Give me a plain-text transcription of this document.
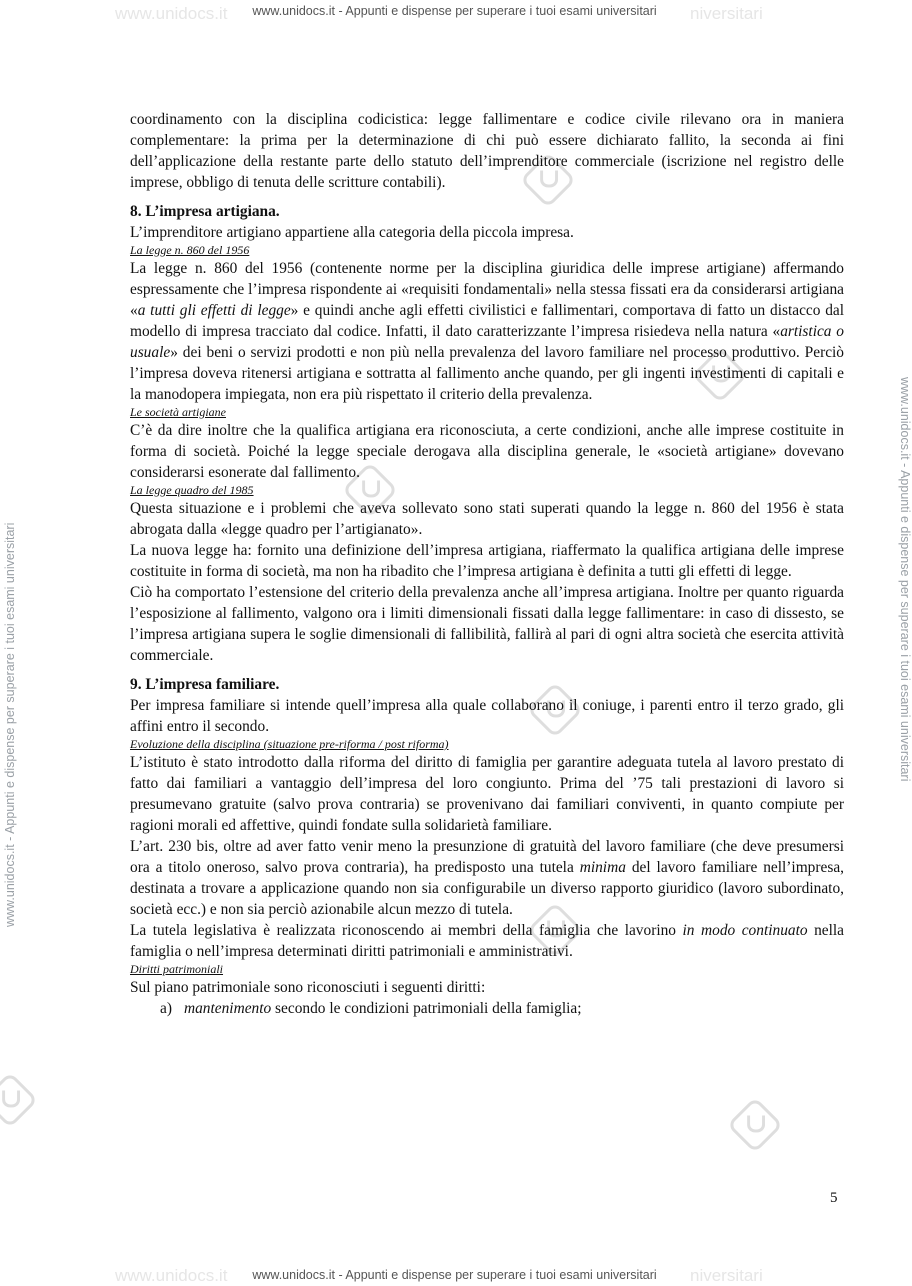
www.unidocs.it - Appunti e dispense per superare i tuoi esami universitari
www.unidocs.it - Appunti e dispense per superare i tuoi esami universitari
www.unidocs.it	niversitari
www.unidocs.it	niversitari
www.unidocs.it - Appunti e dispense per superare i tuoi esami universitari	www.unidocs.it - Appunti e dispense per superare i tuoi esami universitari

coordinamento con la disciplina codicistica: legge fallimentare e codice civile rilevano ora in maniera complementare: la prima per la determinazione di chi può essere dichiarato fallito, la seconda ai fini dell’applicazione della restante parte dello statuto dell’imprenditore commerciale (iscrizione nel registro delle imprese, obbligo di tenuta delle scritture contabili).

8. L’impresa artigiana.

L’imprenditore artigiano appartiene alla categoria della piccola impresa.

La legge n. 860 del 1956

La legge n. 860 del 1956 (contenente norme per la disciplina giuridica delle imprese artigiane) affermando espressamente che l’impresa rispondente ai «requisiti fondamentali» nella stessa fissati era da considerarsi artigiana «a tutti gli effetti di legge» e quindi anche agli effetti civilistici e fallimentari, comportava di fatto un distacco dal modello di impresa tracciato dal codice. Infatti, il dato caratterizzante l’impresa risiedeva nella natura «artistica o usuale» dei beni o servizi prodotti e non più nella prevalenza del lavoro familiare nel processo produttivo. Perciò l’impresa doveva ritenersi artigiana e sottratta al fallimento anche quando, per gli ingenti investimenti di capitali e la manodopera impiegata, non era più rispettato il criterio della prevalenza.

Le società artigiane

C’è da dire inoltre che la qualifica artigiana era riconosciuta, a certe condizioni, anche alle imprese costituite in forma di società. Poiché la legge speciale derogava alla disciplina generale, le «società artigiane» dovevano considerarsi esonerate dal fallimento.

La legge quadro del 1985

Questa situazione e i problemi che aveva sollevato sono stati superati quando la legge n. 860 del 1956 è stata abrogata dalla «legge quadro per l’artigianato».

La nuova legge ha: fornito una definizione dell’impresa artigiana, riaffermato la qualifica artigiana delle imprese costituite in forma di società, ma non ha ribadito che l’impresa artigiana è definita a tutti gli effetti di legge.

Ciò ha comportato l’estensione del criterio della prevalenza anche all’impresa artigiana. Inoltre per quanto riguarda l’esposizione al fallimento, valgono ora i limiti dimensionali fissati dalla legge fallimentare: in caso di dissesto, se l’impresa artigiana supera le soglie dimensionali di fallibilità, fallirà al pari di ogni altra società che esercita attività commerciale.

9. L’impresa familiare.

Per impresa familiare si intende quell’impresa alla quale collaborano il coniuge, i parenti entro il terzo grado, gli affini entro il secondo.

Evoluzione della disciplina (situazione pre-riforma / post riforma)

L’istituto è stato introdotto dalla riforma del diritto di famiglia per garantire adeguata tutela al lavoro prestato di fatto dai familiari a vantaggio dell’impresa del loro congiunto. Prima del ’75 tali prestazioni di lavoro si presumevano gratuite (salvo prova contraria) se provenivano dai familiari conviventi, in quanto compiute per ragioni morali ed affettive, quindi fondate sulla solidarietà familiare.

L’art. 230 bis, oltre ad aver fatto venir meno la presunzione di gratuità del lavoro familiare (che deve presumersi ora a titolo oneroso, salvo prova contraria), ha predisposto una tutela minima del lavoro familiare nell’impresa, destinata a trovare a applicazione quando non sia configurabile un diverso rapporto giuridico (lavoro subordinato, società ecc.) e non sia perciò azionabile alcun mezzo di tutela.

La tutela legislativa è realizzata riconoscendo ai membri della famiglia che lavorino in modo continuato nella famiglia o nell’impresa determinati diritti patrimoniali e amministrativi.

Diritti patrimoniali

Sul piano patrimoniale sono riconosciuti i seguenti diritti:

a) mantenimento secondo le condizioni patrimoniali della famiglia;

5
